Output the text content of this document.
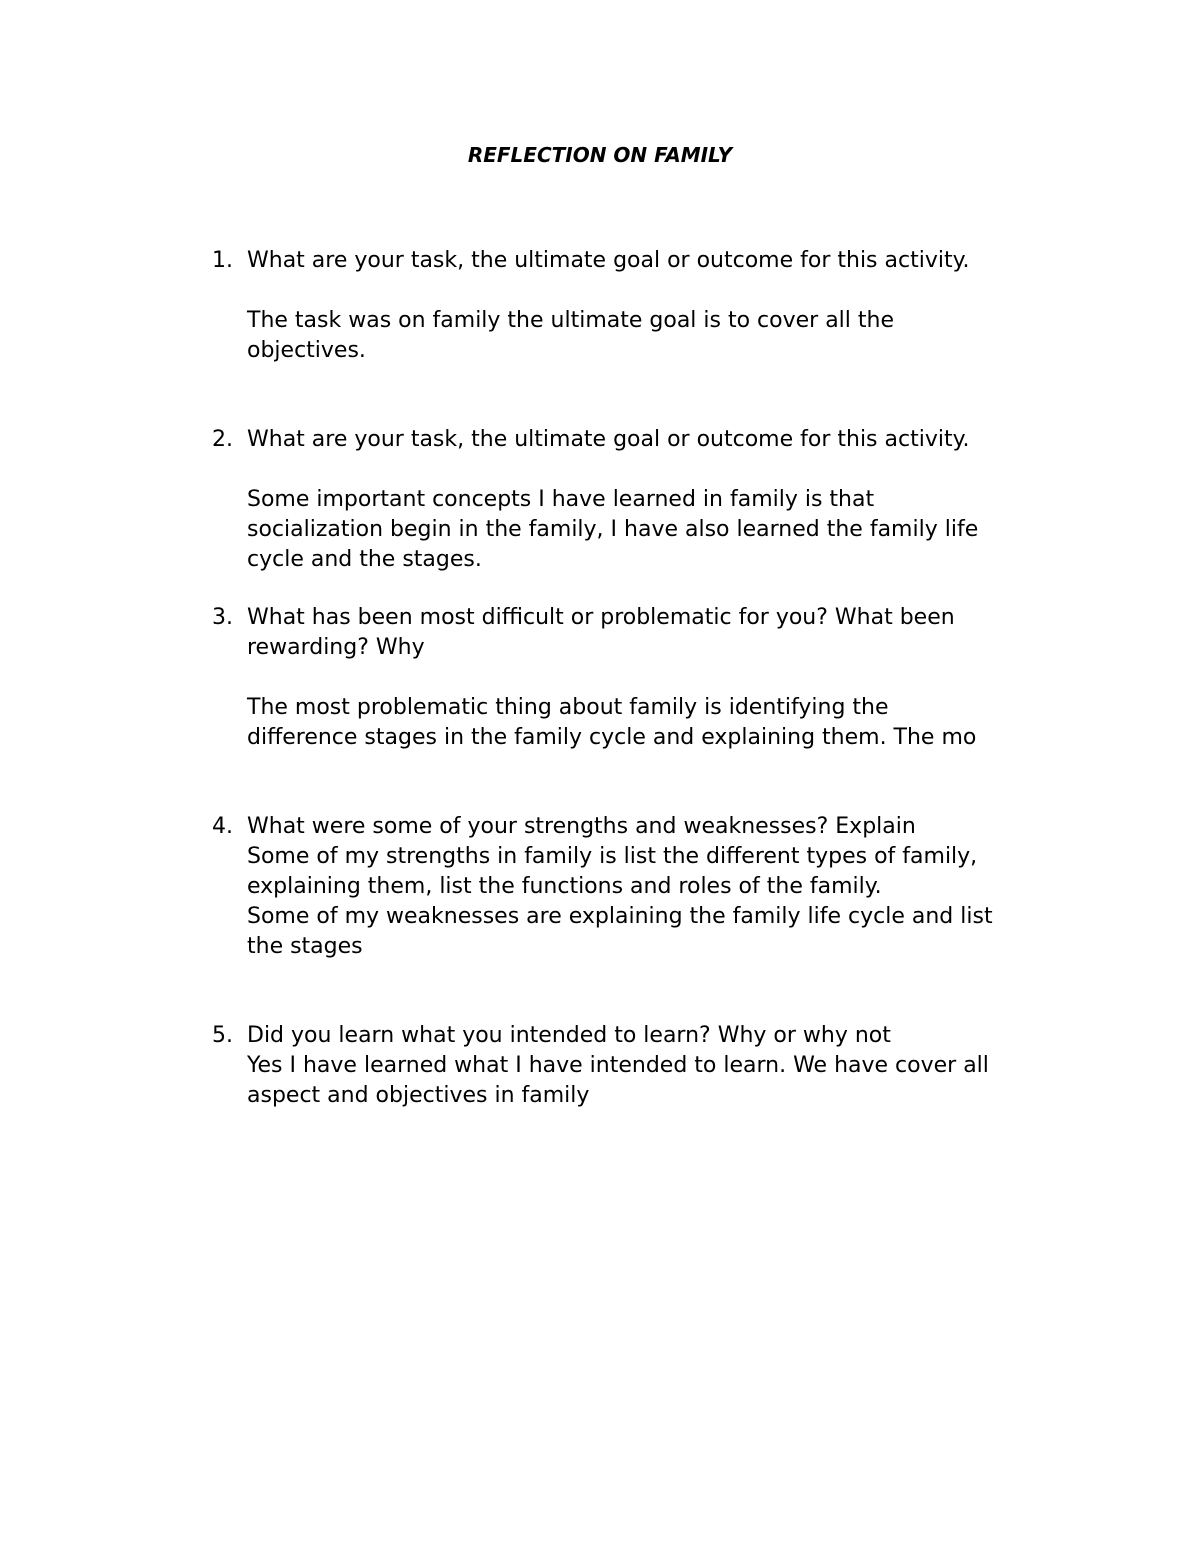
REFLECTION ON FAMILY
1. What are your task, the ultimate goal or outcome for this activity.

The task was on family the ultimate goal is to cover all the

objectives.

2. What are your task, the ultimate goal or outcome for this activity.

Some important concepts I have learned in family is that

socialization begin in the family, I have also learned the family life

cycle and the stages.

3. What has been most difficult or problematic for you? What been

rewarding? Why

The most problematic thing about family is identifying the

difference stages in the family cycle and explaining them. The mo

4. What were some of your strengths and weaknesses? Explain

Some of my strengths in family is list the different types of family,

explaining them, list the functions and roles of the family.

Some of my weaknesses are explaining the family life cycle and list

the stages

5. Did you learn what you intended to learn? Why or why not

Yes I have learned what I have intended to learn. We have cover all

aspect and objectives in family
